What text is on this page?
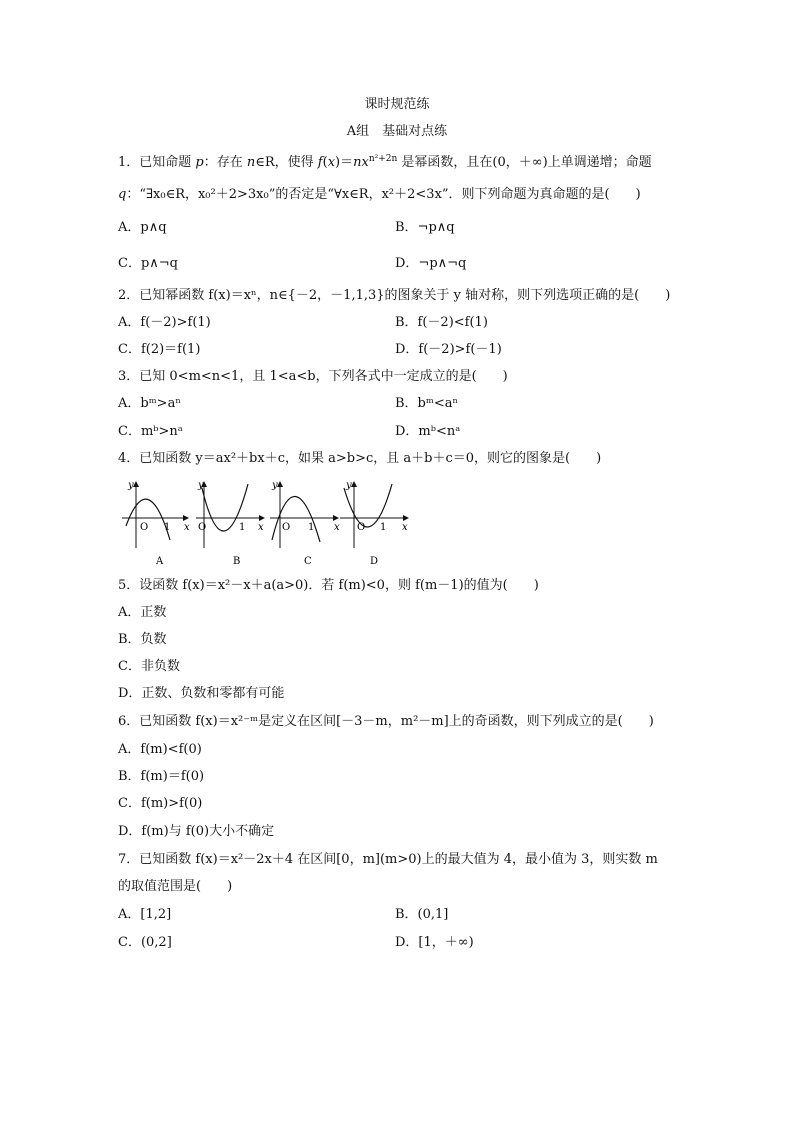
课时规范练
A组　基础对点练
1．已知命题 p：存在 n∈R，使得 $f(x)=nx^{n^2+2n}$ 是幂函数，且在(0，＋∞)上单调递增；命题
q：“∃x₀∈R，x₀²＋2>3x₀”的否定是“∀x∈R，x²＋2<3x”．则下列命题为真命题的是(　　)
A．p∧q	B．¬p∧q
C．p∧¬q	D．¬p∧¬q
2．已知幂函数 f(x)＝xⁿ，n∈{－2，－1,1,3}的图象关于 y 轴对称，则下列选项正确的是(　　)
A．f(－2)>f(1)	B．f(－2)<f(1)
C．f(2)＝f(1)	D．f(－2)>f(－1)
3．已知 0<m<n<1，且 1<a<b，下列各式中一定成立的是(　　)
A．bᵐ>aⁿ	B．bᵐ<aⁿ
C．mᵇ>nᵃ	D．mᵇ<nᵃ
4．已知函数 y＝ax²＋bx＋c，如果 a>b>c，且 a＋b＋c＝0，则它的图象是(　　)
y
x
O 1
A
y
x
O	1
B
y
x
O 1
C
y
x
O 1
D
5．设函数 f(x)＝x²－x＋a(a>0)．若 f(m)<0，则 f(m－1)的值为(　　)
A．正数
B．负数
C．非负数
D．正数、负数和零都有可能
6．已知函数 f(x)＝x²⁻ᵐ是定义在区间[－3－m，m²－m]上的奇函数，则下列成立的是(　　)
A．f(m)<f(0)
B．f(m)＝f(0)
C．f(m)>f(0)
D．f(m)与 f(0)大小不确定
7．已知函数 f(x)＝x²－2x＋4 在区间[0，m](m>0)上的最大值为 4，最小值为 3，则实数 m
的取值范围是(　　)
A．[1,2]	B．(0,1]
C．(0,2]	D．[1，＋∞)
